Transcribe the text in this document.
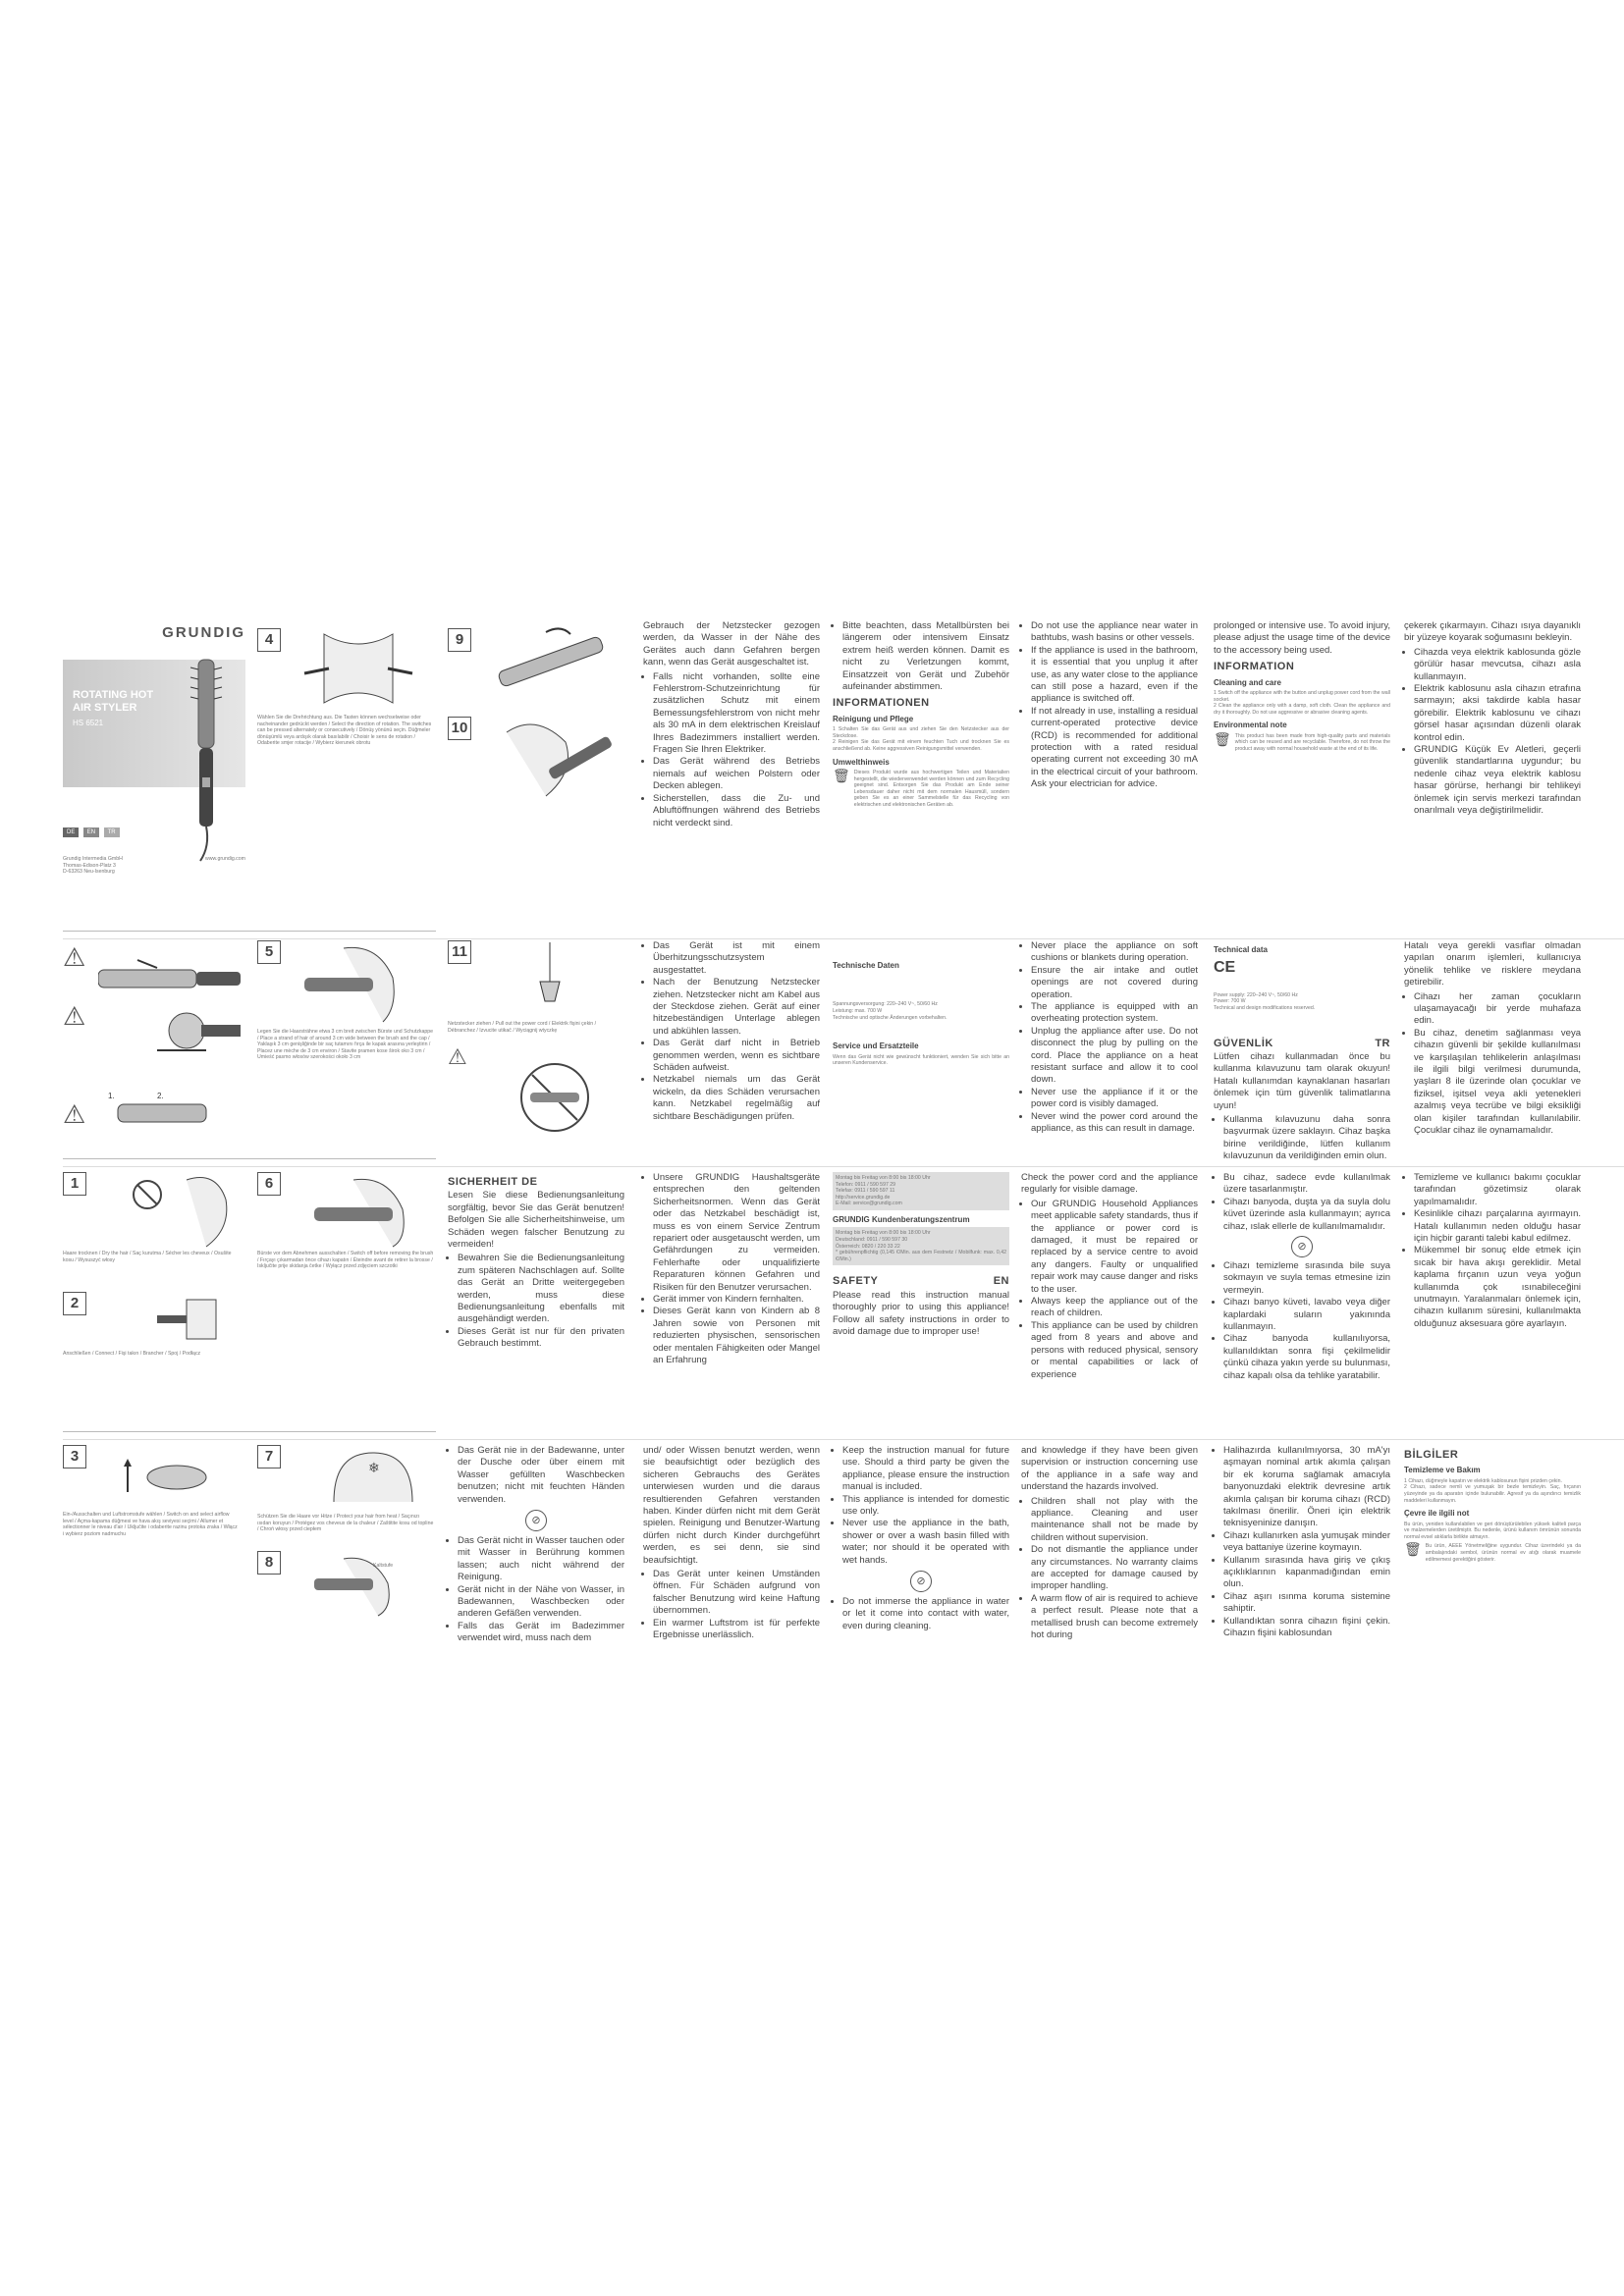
GRUNDIG
ROTATING HOT AIR STYLER
HS 6521
DE EN TR
Grundig Intermedia GmbH
Thomas-Edison-Platz 3
D-63263 Neu-Isenburg
www.grundig.com
⚠
⚠
⚠
1.	2.
4
Wählen Sie die Drehrichtung aus. Die Tasten können wechselweise oder nacheinander gedrückt werden / Select the direction of rotation. The switches can be pressed alternately or consecutively / Dönüş yönünü seçin. Düğmeler dönüşümlü veya ardışık olarak basılabilir / Choisir le sens de rotation / Odaberite smjer rotacije / Wybierz kierunek obrotu
9
10
5
Legen Sie die Haarsträhne etwa 3 cm breit zwischen Bürste und Schutzkappe / Place a strand of hair of around 3 cm wide between the brush and the cap / Yaklaşık 3 cm genişliğinde bir saç tutamını fırça ile kapak arasına yerleştirin / Placez une mèche de 3 cm environ / Stavite pramen kose širok oko 3 cm / Umieść pasmo włosów szerokości około 3 cm
11
Netzstecker ziehen / Pull out the power cord / Elektrik fişini çekin / Débranchez / Izvucite utikač / Wyciągnij wtyczkę
⚠
1
Haare trocknen / Dry the hair / Saç kurutma / Sécher les cheveux / Osušite kosu / Wysuszyć włosy
2
Anschließen / Connect / Fişi takın / Brancher / Spoj / Podłącz
6
Bürste vor dem Abnehmen ausschalten / Switch off before removing the brush / Fırçayı çıkarmadan önce cihazı kapatın / Éteindre avant de retirer la brosse / Isključite prije skidanja četke / Wyłącz przed zdjęciem szczotki
3
Ein-/Ausschalten und Luftstromstufe wählen / Switch on and select airflow level / Açma-kapama düğmesi ve hava akış seviyesi seçimi / Allumer et sélectionner le niveau d'air / Uključite i odaberite razinu protoka zraka / Włącz i wybierz poziom nadmuchu
7
❄
Schützen Sie die Haare vor Hitze / Protect your hair from heat / Saçınızı ısıdan koruyun / Protégez vos cheveux de la chaleur / Zaštitite kosu od topline / Chroń włosy przed ciepłem
8	Kaltstufe
SICHERHEIT DE

Lesen Sie diese Bedienungsanleitung sorgfältig, bevor Sie das Gerät benutzen! Befolgen Sie alle Sicherheitshinweise, um Schäden wegen falscher Benutzung zu vermeiden!

• Bewahren Sie die Bedienungsanleitung zum späteren Nachschlagen auf. Sollte das Gerät an Dritte weitergegeben werden, muss diese Bedienungsanleitung ebenfalls mit ausgehändigt werden.
• Dieses Gerät ist nur für den privaten Gebrauch bestimmt.
• Das Gerät nie in der Badewanne, unter der Dusche oder über einem mit Wasser gefüllten Waschbecken benutzen; nicht mit feuchten Händen verwenden.
⊘
• Das Gerät nicht in Wasser tauchen oder mit Wasser in Berührung kommen lassen; auch nicht während der Reinigung.
• Gerät nicht in der Nähe von Wasser, in Badewannen, Waschbecken oder anderen Gefäßen verwenden.
• Falls das Gerät im Badezimmer verwendet wird, muss nach dem

Gebrauch der Netzstecker gezogen werden, da Wasser in der Nähe des Gerätes auch dann Gefahren bergen kann, wenn das Gerät ausgeschaltet ist.

• Falls nicht vorhanden, sollte eine Fehlerstrom-Schutzeinrichtung für zusätzlichen Schutz mit einem Bemessungsfehlerstrom von nicht mehr als 30 mA in dem elektrischen Kreislauf Ihres Badezimmers installiert werden. Fragen Sie Ihren Elektriker.
• Das Gerät während des Betriebs niemals auf weichen Polstern oder Decken ablegen.
• Sicherstellen, dass die Zu- und Abluftöffnungen während des Betriebs nicht verdeckt sind.
• Das Gerät ist mit einem Überhitzungsschutzsystem ausgestattet.
• Nach der Benutzung Netzstecker ziehen. Netzstecker nicht am Kabel aus der Steckdose ziehen. Gerät auf einer hitzebeständigen Unterlage ablegen und abkühlen lassen.
• Das Gerät darf nicht in Betrieb genommen werden, wenn es sichtbare Schäden aufweist.
• Netzkabel niemals um das Gerät wickeln, da dies Schäden verursachen kann. Netzkabel regelmäßig auf sichtbare Beschädigungen prüfen.
• Unsere GRUNDIG Haushaltsgeräte entsprechen den geltenden Sicherheitsnormen. Wenn das Gerät oder das Netzkabel beschädigt ist, muss es von einem Service Zentrum repariert oder ausgetauscht werden, um Gefährdungen zu vermeiden. Fehlerhafte oder unqualifizierte Reparaturen können Gefahren und Risiken für den Benutzer verursachen.
• Gerät immer von Kindern fernhalten.
• Dieses Gerät kann von Kindern ab 8 Jahren sowie von Personen mit reduzierten physischen, sensorischen oder mentalen Fähigkeiten oder Mangel an Erfahrung

und/ oder Wissen benutzt werden, wenn sie beaufsichtigt oder bezüglich des sicheren Gebrauchs des Gerätes unterwiesen wurden und die daraus resultierenden Gefahren verstanden haben. Kinder dürfen nicht mit dem Gerät spielen. Reinigung und Benutzer-Wartung dürfen nicht durch Kinder durchgeführt werden, es sei denn, sie sind beaufsichtigt.

• Das Gerät unter keinen Umständen öffnen. Für Schäden aufgrund von falscher Benutzung wird keine Haftung übernommen.
• Ein warmer Luftstrom ist für perfekte Ergebnisse unerlässlich.
• Bitte beachten, dass Metallbürsten bei längerem oder intensivem Einsatz extrem heiß werden können. Damit es nicht zu Verletzungen kommt, Einsatzzeit von Gerät und Zubehör aufeinander abstimmen.
INFORMATIONEN
Reinigung und Pflege
1 Schalten Sie das Gerät aus und ziehen Sie den Netzstecker aus der Steckdose.
2 Reinigen Sie das Gerät mit einem feuchten Tuch und trocknen Sie es anschließend ab. Keine aggressiven Reinigungsmittel verwenden.
Umwelthinweis
🗑 Dieses Produkt wurde aus hochwertigen Teilen und Materialien hergestellt, die wiederverwendet werden können und zum Recycling geeignet sind. Entsorgen Sie das Produkt am Ende seiner Lebensdauer daher nicht mit dem normalen Hausmüll, sondern geben Sie es an einer Sammelstelle für das Recycling von elektrischen und elektronischen Geräten ab.
Technische Daten
Spannungsversorgung: 220–240 V~, 50/60 Hz
Leistung: max. 700 W
Technische und optische Änderungen vorbehalten.
Service und Ersatzteile
Wenn das Gerät nicht wie gewünscht funktioniert, wenden Sie sich bitte an unseren Kundenservice.
Montag bis Freitag von 8:00 bis 18:00 Uhr
Telefon: 0911 / 590 597 29
Telefax: 0911 / 590 597 11
http://service.grundig.de
E-Mail: service@grundig.com
GRUNDIG Kundenberatungszentrum
Montag bis Freitag von 8:00 bis 18:00 Uhr
Deutschland: 0911 / 590 597 30
Österreich: 0820 / 220 33 22
* gebührenpflichtig (0,145 €/Min. aus dem Festnetz / Mobilfunk: max. 0,42 €/Min.)
SAFETY	EN

Please read this instruction manual thoroughly prior to using this appliance! Follow all safety instructions in order to avoid damage due to improper use!

• Keep the instruction manual for future use. Should a third party be given the appliance, please ensure the instruction manual is included.
• This appliance is intended for domestic use only.
• Never use the appliance in the bath, shower or over a wash basin filled with water; nor should it be operated with wet hands.
⊘
• Do not immerse the appliance in water or let it come into contact with water, even during cleaning.
• Do not use the appliance near water in bathtubs, wash basins or other vessels.
• If the appliance is used in the bathroom, it is essential that you unplug it after use, as any water close to the appliance can still pose a hazard, even if the appliance is switched off.
• If not already in use, installing a residual current-operated protective device (RCD) is recommended for additional protection with a rated residual operating current not exceeding 30 mA in the electrical circuit of your bathroom. Ask your electrician for advice.
• Never place the appliance on soft cushions or blankets during operation.
• Ensure the air intake and outlet openings are not covered during operation.
• The appliance is equipped with an overheating protection system.
• Unplug the appliance after use. Do not disconnect the plug by pulling on the cord. Place the appliance on a heat resistant surface and allow it to cool down.
• Never use the appliance if it or the power cord is visibly damaged.
• Never wind the power cord around the appliance, as this can result in damage.

Check the power cord and the appliance regularly for visible damage.

• Our GRUNDIG Household Appliances meet applicable safety standards, thus if the appliance or power cord is damaged, it must be repaired or replaced by a service centre to avoid any dangers. Faulty or unqualified repair work may cause danger and risks to the user.
• Always keep the appliance out of the reach of children.
• This appliance can be used by children aged from 8 years and above and persons with reduced physical, sensory or mental capabilities or lack of experience

and knowledge if they have been given supervision or instruction concerning use of the appliance in a safe way and understand the hazards involved.

• Children shall not play with the appliance. Cleaning and user maintenance shall not be made by children without supervision.
• Do not dismantle the appliance under any circumstances. No warranty claims are accepted for damage caused by improper handling.
• A warm flow of air is required to achieve a perfect result. Please note that a metallised brush can become extremely hot during

prolonged or intensive use. To avoid injury, please adjust the usage time of the device to the accessory being used.

INFORMATION
Cleaning and care
1 Switch off the appliance with the button and unplug power cord from the wall socket.
2 Clean the appliance only with a damp, soft cloth. Clean the appliance and dry it thoroughly. Do not use aggressive or abrasive cleaning agents.
Environmental note
🗑 This product has been made from high-quality parts and materials which can be reused and are recyclable. Therefore, do not throw the product away with normal household waste at the end of its life.
Technical data
CE
Power supply: 220–240 V~, 50/60 Hz
Power: 700 W
Technical and design modifications reserved.
GÜVENLİK	TR

Lütfen cihazı kullanmadan önce bu kullanma kılavuzunu tam olarak okuyun! Hatalı kullanımdan kaynaklanan hasarları önlemek için tüm güvenlik talimatlarına uyun!

• Kullanma kılavuzunu daha sonra başvurmak üzere saklayın. Cihaz başka birine verildiğinde, lütfen kullanım kılavuzunun da verildiğinden emin olun.
• Bu cihaz, sadece evde kullanılmak üzere tasarlanmıştır.
• Cihazı banyoda, duşta ya da suyla dolu küvet üzerinde asla kullanmayın; ayrıca cihaz, ıslak ellerle de kullanılmamalıdır.
⊘
• Cihazı temizleme sırasında bile suya sokmayın ve suyla temas etmesine izin vermeyin.
• Cihazı banyo küveti, lavabo veya diğer kaplardaki suların yakınında kullanmayın.
• Cihaz banyoda kullanılıyorsa, kullanıldıktan sonra fişi çekilmelidir çünkü cihaza yakın yerde su bulunması, cihaz kapalı olsa da tehlike yaratabilir.
• Halihazırda kullanılmıyorsa, 30 mA'yı aşmayan nominal artık akımla çalışan bir ek koruma sağlamak amacıyla banyonuzdaki elektrik devresine artık akımla çalışan bir koruma cihazı (RCD) takılması önerilir. Öneri için elektrik teknisyeninize danışın.
• Cihazı kullanırken asla yumuşak minder veya battaniye üzerine koymayın.
• Kullanım sırasında hava giriş ve çıkış açıklıklarının kapanmadığından emin olun.
• Cihaz aşırı ısınma koruma sistemine sahiptir.
• Kullandıktan sonra cihazın fişini çekin. Cihazın fişini kablosundan

çekerek çıkarmayın. Cihazı ısıya dayanıklı bir yüzeye koyarak soğumasını bekleyin.

• Cihazda veya elektrik kablosunda gözle görülür hasar mevcutsa, cihazı asla kullanmayın.
• Elektrik kablosunu asla cihazın etrafına sarmayın; aksi takdirde kabla hasar görebilir. Elektrik kablosunu ve cihazı görsel hasar açısından düzenli olarak kontrol edin.
• GRUNDIG Küçük Ev Aletleri, geçerli güvenlik standartlarına uygundur; bu nedenle cihaz veya elektrik kablosu hasar görürse, herhangi bir tehlikeyi önlemek için servis merkezi tarafından onarılmalı veya değiştirilmelidir.

Hatalı veya gerekli vasıflar olmadan yapılan onarım işlemleri, kullanıcıya yönelik tehlike ve risklere meydana getirebilir.

• Cihazı her zaman çocukların ulaşamayacağı bir yerde muhafaza edin.
• Bu cihaz, denetim sağlanması veya cihazın güvenli bir şekilde kullanılması ve karşılaşılan tehlikelerin anlaşılması ile ilgili bilgi verilmesi durumunda, yaşları 8 ile üzerinde olan çocuklar ve fiziksel, işitsel veya akli yetenekleri azalmış veya tecrübe ve bilgi eksikliği olan kişiler tarafından kullanılabilir. Çocuklar cihaz ile oynamamalıdır.
• Temizleme ve kullanıcı bakımı çocuklar tarafından gözetimsiz olarak yapılmamalıdır.
• Kesinlikle cihazı parçalarına ayırmayın. Hatalı kullanımın neden olduğu hasar için hiçbir garanti talebi kabul edilmez.
• Mükemmel bir sonuç elde etmek için sıcak bir hava akışı gereklidir. Metal kaplama fırçanın uzun veya yoğun kullanımda çok ısınabileceğini unutmayın. Yaralanmaları önlemek için, cihazın kullanım süresini, kullanılmakta olduğunuz aksesuara göre ayarlayın.
BİLGİLER
Temizleme ve Bakım
1 Cihazı, düğmeyle kapatın ve elektrik kablosunun fişini prizden çekin.
2 Cihazı, sadece nemli ve yumuşak bir bezle temizleyin. Saç, fırçanın yüzeyinde ya da aparatın içinde bulunabilir. Agresif ya da aşındırıcı temizlik maddeleri kullanmayın.
Çevre ile ilgili not
Bu ürün, yeniden kullanılabilen ve geri dönüştürülebilen yüksek kaliteli parça ve malzemelerden üretilmiştir. Bu nedenle, ürünü kullanım ömrünün sonunda normal evsel atıklarla birlikte atmayın.
🗑 Bu ürün, AEEE Yönetmeliğine uygundur. Cihaz üzerindeki ya da ambalajındaki sembol, ürünün normal ev atığı olarak muamele edilmemesi gerektiğini gösterir.
